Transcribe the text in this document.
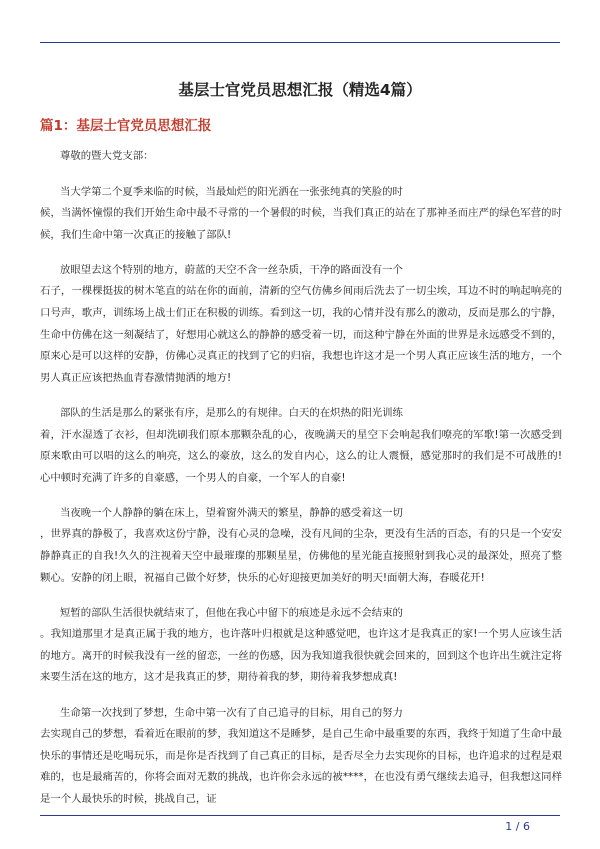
基层士官党员思想汇报（精选4篇）
篇1：基层士官党员思想汇报

尊敬的暨大党支部：

当大学第二个夏季来临的时候，当最灿烂的阳光洒在一张张纯真的笑脸的时
候，当满怀憧憬的我们开始生命中最不寻常的一个暑假的时候，当我们真正的站在了那神圣而庄严的绿色军营的时候，我们生命中第一次真正的接触了部队!

放眼望去这个特别的地方，蔚蓝的天空不含一丝杂质，干净的路面没有一个
石子，一棵棵挺拔的树木笔直的站在你的面前，清新的空气仿佛乡间雨后洗去了一切尘埃，耳边不时的响起响亮的口号声，歌声，训练场上战士们正在积极的训练。看到这一切，我的心情并没有那么的激动，反而是那么的宁静，生命中仿佛在这一刻凝结了，好想用心就这么的静静的感受着一切，而这种宁静在外面的世界是永远感受不到的，原来心是可以这样的安静，仿佛心灵真正的找到了它的归宿，我想也许这才是一个男人真正应该生活的地方，一个男人真正应该把热血青春激情抛洒的地方!

部队的生活是那么的紧张有序，是那么的有规律。白天的在炽热的阳光训练
着，汗水湿透了衣衫，但却洗刷我们原本那颗杂乱的心，夜晚满天的星空下会响起我们嘹亮的军歌!第一次感受到原来歌由可以唱的这么的响亮，这么的豪放，这么的发自内心，这么的让人震慑，感觉那时的我们是不可战胜的!心中顿时充满了许多的自豪感，一个男人的自豪，一个军人的自豪!

当夜晚一个人静静的躺在床上，望着窗外满天的繁星，静静的感受着这一切
，世界真的静极了，我喜欢这份宁静，没有心灵的急噪，没有凡间的尘杂，更没有生活的百态，有的只是一个安安静静真正的自我!久久的注视着天空中最璀璨的那颗星星，仿佛他的星光能直接照射到我心灵的最深处，照亮了整颗心。安静的闭上眼，祝福自己做个好梦，快乐的心好迎接更加美好的明天!面朝大海，春暖花开!

短暂的部队生活很快就结束了，但他在我心中留下的痕迹是永远不会结束的
。我知道那里才是真正属于我的地方，也许落叶归根就是这种感觉吧，也许这才是我真正的家!一个男人应该生活的地方。离开的时候我没有一丝的留恋，一丝的伤感，因为我知道我很快就会回来的，回到这个也许出生就注定将来要生活在这的地方，这才是我真正的梦，期待着我的梦，期待着我梦想成真!

生命第一次找到了梦想，生命中第一次有了自己追寻的目标，用自己的努力
去实现自己的梦想，看着近在眼前的梦，我知道这不是睡梦，是自己生命中最重要的东西，我终于知道了生命中最快乐的事情还是吃喝玩乐，而是你是否找到了自己真正的目标，是否尽全力去实现你的目标，也许追求的过程是艰难的，也是最痛苦的，你将会面对无数的挑战，也许你会永远的被****，在也没有勇气继续去追寻，但我想这同样是一个人最快乐的时候，挑战自己，证

1 / 6
